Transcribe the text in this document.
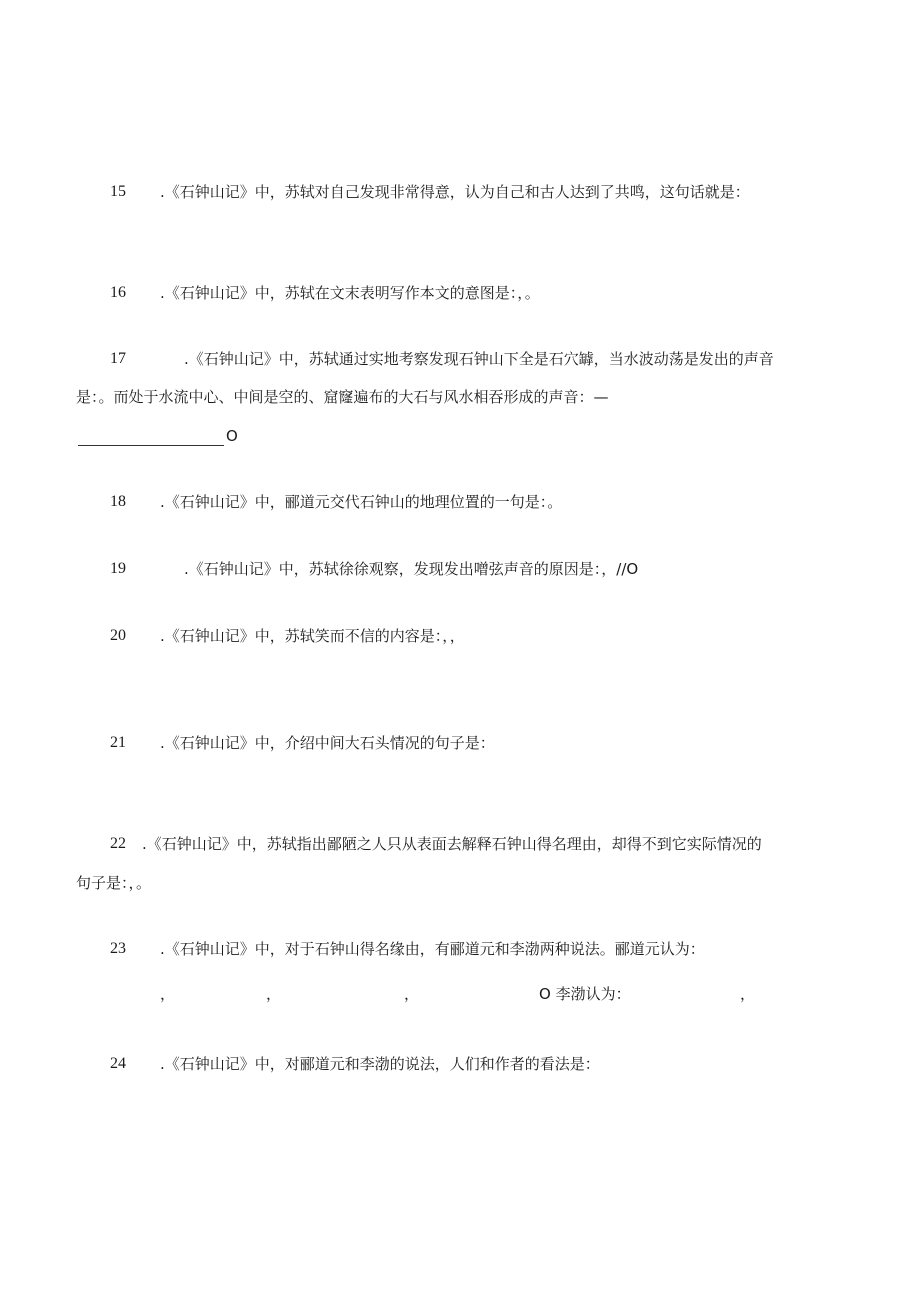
15 .《石钟山记》中，苏轼对自己发现非常得意，认为自己和古人达到了共鸣，这句话就是：
16 .《石钟山记》中，苏轼在文末表明写作本文的意图是：，。
17	.《石钟山记》中，苏轼通过实地考察发现石钟山下全是石穴罅，当水波动荡是发出的声音
是：。而处于水流中心、中间是空的、窟窿遍布的大石与风水相吞形成的声音：—
O
18 .《石钟山记》中，郦道元交代石钟山的地理位置的一句是：。
19	.《石钟山记》中，苏轼徐徐观察，发现发出噌弦声音的原因是：，//O
20 .《石钟山记》中，苏轼笑而不信的内容是：，，
21 .《石钟山记》中，介绍中间大石头情况的句子是：
22 .《石钟山记》中，苏轼指出鄙陋之人只从表面去解释石钟山得名理由，却得不到它实际情况的
句子是：，。
23 .《石钟山记》中，对于石钟山得名缘由，有郦道元和李渤两种说法。郦道元认为：
，	，	，	O 李渤认为：	，
24 .《石钟山记》中，对郦道元和李渤的说法，人们和作者的看法是：
